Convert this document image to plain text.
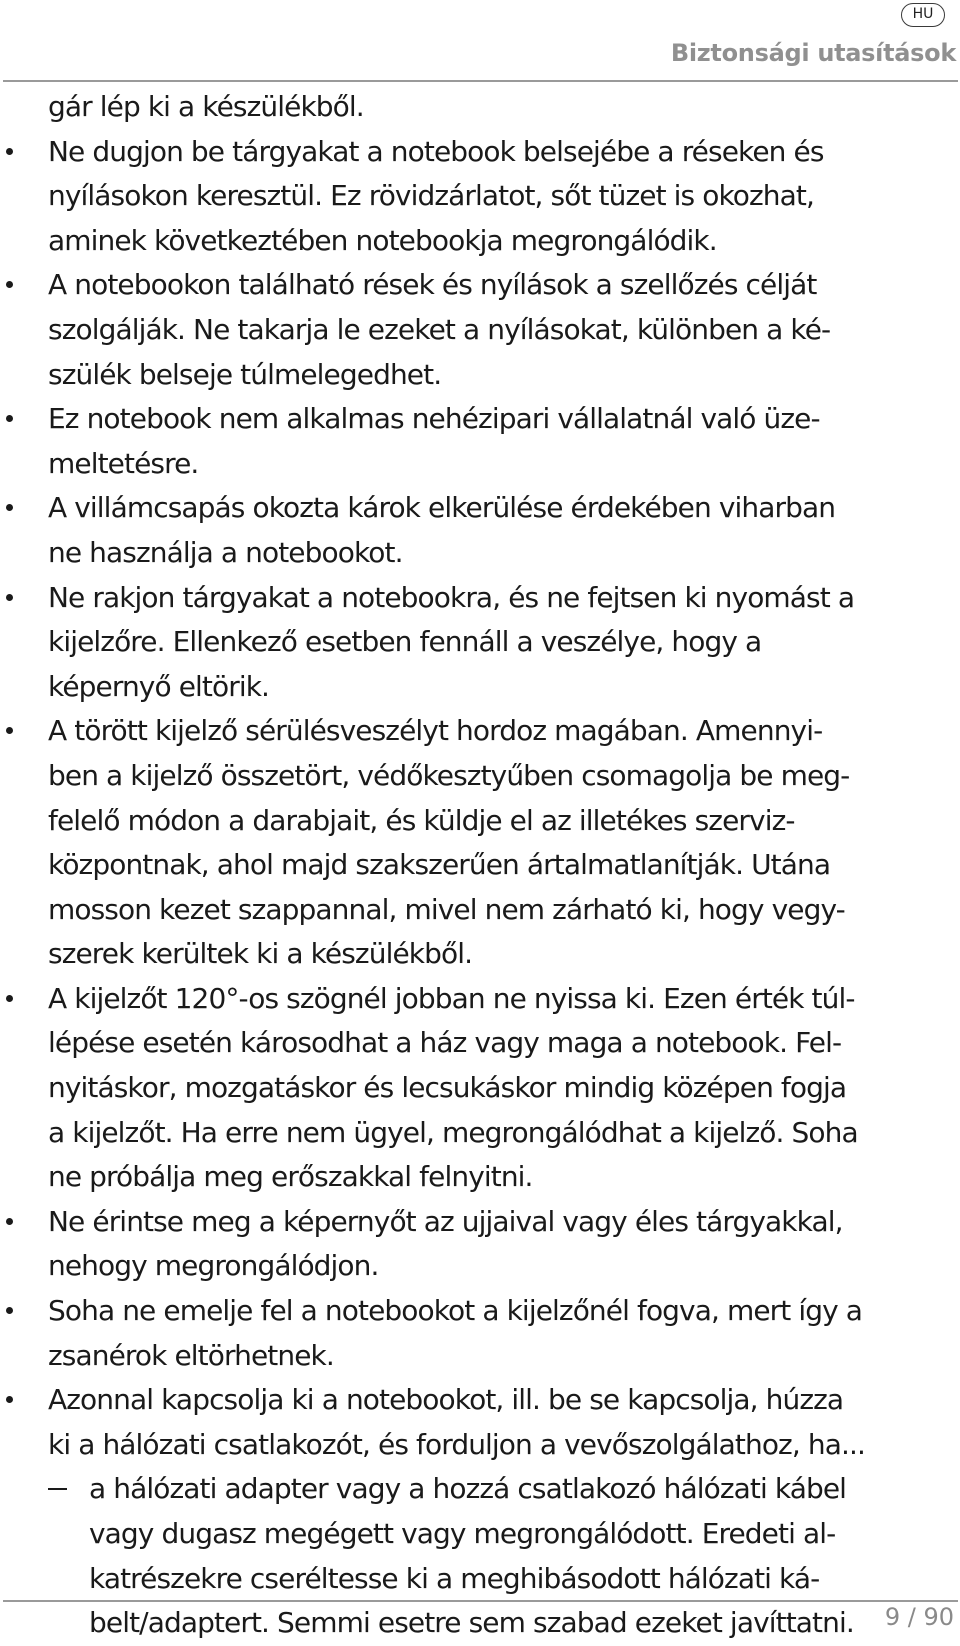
HU
Biztonsági utasítások
gár lép ki a készülékből.
Ne dugjon be tárgyakat a notebook belsejébe a réseken és
nyílásokon keresztül. Ez rövidzárlatot, sőt tüzet is okozhat,
aminek következtében notebookja megrongálódik.
A notebookon található rések és nyílások a szellőzés célját
szolgálják. Ne takarja le ezeket a nyílásokat, különben a ké-
szülék belseje túlmelegedhet.
Ez notebook nem alkalmas nehézipari vállalatnál való üze-
meltetésre.
A villámcsapás okozta károk elkerülése érdekében viharban
ne használja a notebookot.
Ne rakjon tárgyakat a notebookra, és ne fejtsen ki nyomást a
kijelzőre. Ellenkező esetben fennáll a veszélye, hogy a
képernyő eltörik.
A törött kijelző sérülésveszélyt hordoz magában. Amennyi-
ben a kijelző összetört, védőkesztyűben csomagolja be meg-
felelő módon a darabjait, és küldje el az illetékes szerviz-
központnak, ahol majd szakszerűen ártalmatlanítják. Utána
mosson kezet szappannal, mivel nem zárható ki, hogy vegy-
szerek kerültek ki a készülékből.
A kijelzőt 120°-os szögnél jobban ne nyissa ki. Ezen érték túl-
lépése esetén károsodhat a ház vagy maga a notebook. Fel-
nyitáskor, mozgatáskor és lecsukáskor mindig középen fogja
a kijelzőt. Ha erre nem ügyel, megrongálódhat a kijelző. Soha
ne próbálja meg erőszakkal felnyitni.
Ne érintse meg a képernyőt az ujjaival vagy éles tárgyakkal,
nehogy megrongálódjon.
Soha ne emelje fel a notebookot a kijelzőnél fogva, mert így a
zsanérok eltörhetnek.
Azonnal kapcsolja ki a notebookot, ill. be se kapcsolja, húzza
ki a hálózati csatlakozót, és forduljon a vevőszolgálathoz, ha...
a hálózati adapter vagy a hozzá csatlakozó hálózati kábel
vagy dugasz megégett vagy megrongálódott. Eredeti al-
katrészekre cseréltesse ki a meghibásodott hálózati ká-
belt/adaptert. Semmi esetre sem szabad ezeket javíttatni. 9 / 90
